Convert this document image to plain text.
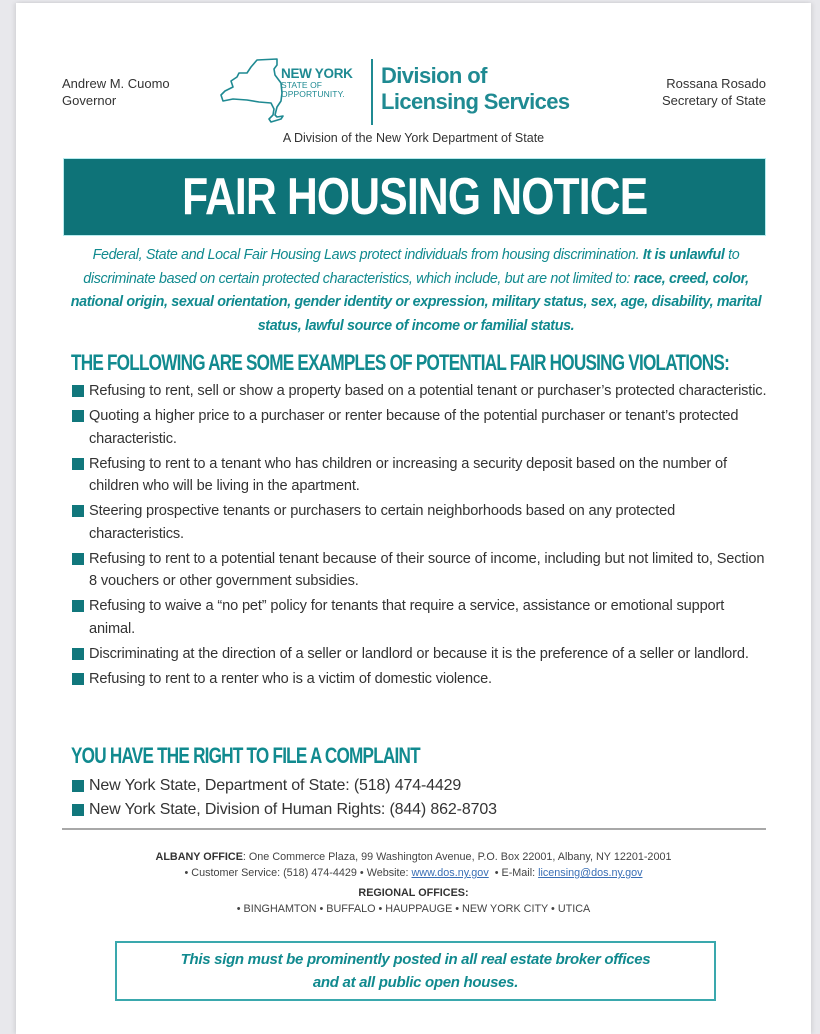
Andrew M. Cuomo
Governor
NEW YORK
STATE OF
OPPORTUNITY.
Division of
Licensing Services
Rossana Rosado
Secretary of State
A Division of the New York Department of State
FAIR HOUSING NOTICE
Federal, State and Local Fair Housing Laws protect individuals from housing discrimination. It is unlawful to discriminate based on certain protected characteristics, which include, but are not limited to: race, creed, color, national origin, sexual orientation, gender identity or expression, military status, sex, age, disability, marital status, lawful source of income or familial status.
THE FOLLOWING ARE SOME EXAMPLES OF POTENTIAL FAIR HOUSING VIOLATIONS:
Refusing to rent, sell or show a property based on a potential tenant or purchaser’s protected characteristic.
Quoting a higher price to a purchaser or renter because of the potential purchaser or tenant’s protected characteristic.
Refusing to rent to a tenant who has children or increasing a security deposit based on the number of children who will be living in the apartment.
Steering prospective tenants or purchasers to certain neighborhoods based on any protected characteristics.
Refusing to rent to a potential tenant because of their source of income, including but not limited to, Section 8 vouchers or other government subsidies.
Refusing to waive a “no pet” policy for tenants that require a service, assistance or emotional support animal.
Discriminating at the direction of a seller or landlord or because it is the preference of a seller or landlord.
Refusing to rent to a renter who is a victim of domestic violence.
YOU HAVE THE RIGHT TO FILE A COMPLAINT
New York State, Department of State: (518) 474-4429
New York State, Division of Human Rights: (844) 862-8703
ALBANY OFFICE: One Commerce Plaza, 99 Washington Avenue, P.O. Box 22001, Albany, NY 12201-2001
• Customer Service: (518) 474-4429 • Website: www.dos.ny.gov  • E-Mail: licensing@dos.ny.gov
REGIONAL OFFICES:
• BINGHAMTON • BUFFALO • HAUPPAUGE • NEW YORK CITY • UTICA
This sign must be prominently posted in all real estate broker offices
and at all public open houses.
